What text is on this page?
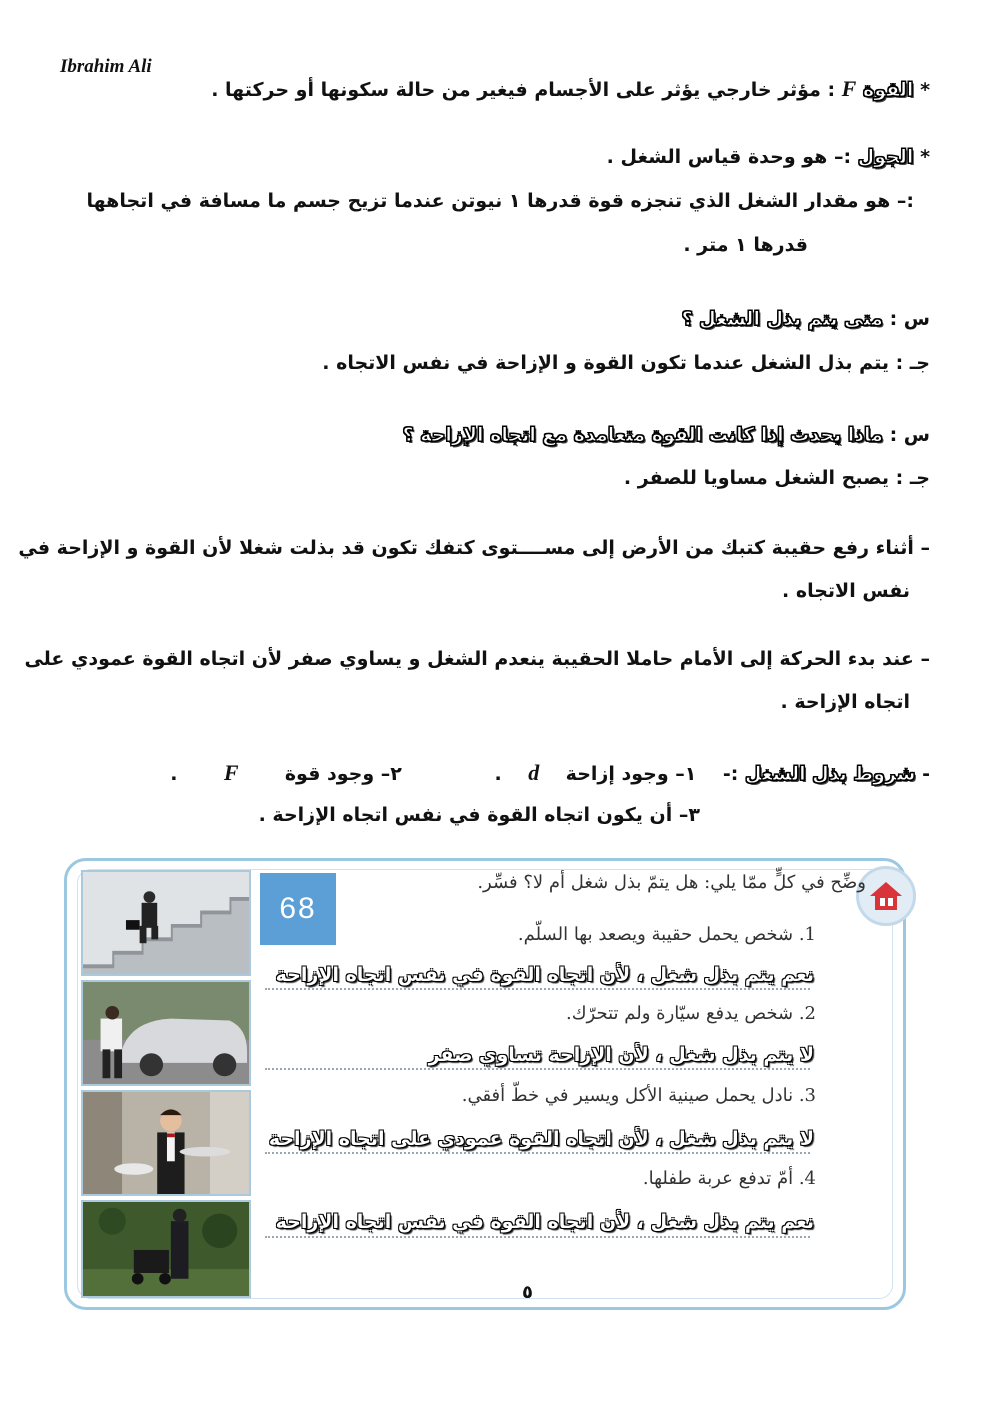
Ibrahim Ali
* القوة F : مؤثر خارجي يؤثر على الأجسام فيغير من حالة سكونها أو حركتها .
* الجول :– هو وحدة قياس الشغل .
:– هو مقدار الشغل الذي تنجزه قوة قدرها ١ نيوتن عندما تزيح جسم ما مسافة في اتجاهها
قدرها ١ متر .
س : متى يتم بذل الشغل ؟
جـ : يتم بذل الشغل عندما تكون القوة و الإزاحة في نفس الاتجاه .
س : ماذا يحدث إذا كانت القوة متعامدة مع اتجاه الإزاحة ؟
جـ : يصبح الشغل مساويا للصفر .
– أثناء رفع حقيبة كتبك من الأرض إلى مســــتوى كتفك تكون قد بذلت شغلا لأن القوة و الإزاحة في
نفس الاتجاه .
– عند بدء الحركة إلى الأمام حاملا الحقيبة ينعدم الشغل و يساوي صفر لأن اتجاه القوة عمودي على
اتجاه الإزاحة .
- شروط بذل الشغل :-    ١– وجود إزاحة    d    .              ٢– وجود قوة       F       .
٣– أن يكون اتجاه القوة في نفس اتجاه الإزاحة .
68
وضِّح في كلٍّ ممّا يلي: هل يتمّ بذل شغل أم لا؟ فسِّر.
1. شخص يحمل حقيبة ويصعد بها السلّم.
نعم يتم بذل شغل ، لأن اتجاه القوة في نفس اتجاه الإزاحة
2. شخص يدفع سيّارة ولم تتحرّك.
لا يتم بذل شغل ، لأن الإزاحة تساوي صفر
3. نادل يحمل صينية الأكل ويسير في خطّ أفقي.
لا يتم بذل شغل ، لأن اتجاه القوة عمودي على اتجاه الإزاحة
4. أمّ تدفع عربة طفلها.
نعم يتم بذل شغل ، لأن اتجاه القوة في نفس اتجاه الإزاحة
٥
